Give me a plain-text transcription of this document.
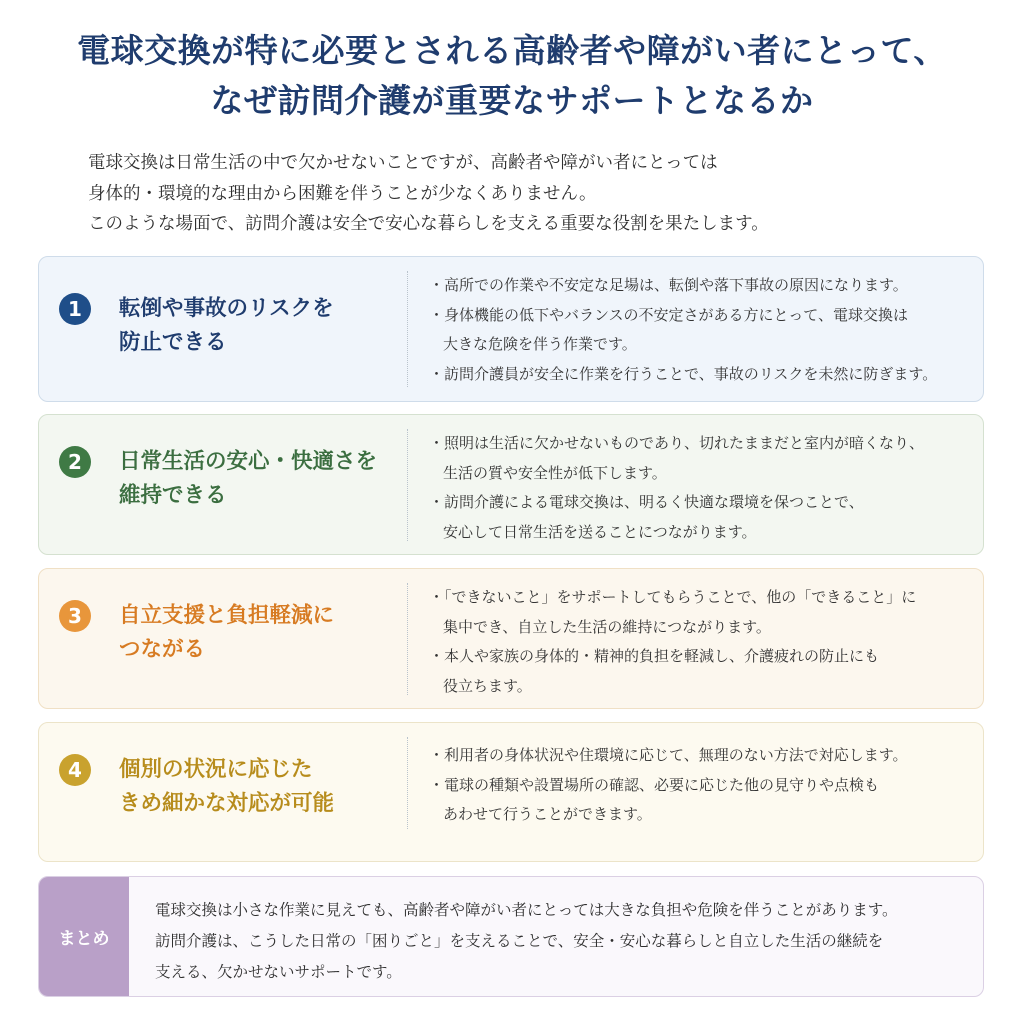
電球交換が特に必要とされる高齢者や障がい者にとって、
なぜ訪問介護が重要なサポートとなるか
電球交換は日常生活の中で欠かせないことですが、高齢者や障がい者にとっては
身体的・環境的な理由から困難を伴うことが少なくありません。
このような場面で、訪問介護は安全で安心な暮らしを支える重要な役割を果たします。
1	転倒や事故のリスクを
防止できる
・高所での作業や不安定な足場は、転倒や落下事故の原因になります。
・身体機能の低下やバランスの不安定さがある方にとって、電球交換は
大きな危険を伴う作業です。
・訪問介護員が安全に作業を行うことで、事故のリスクを未然に防ぎます。
2	日常生活の安心・快適さを
維持できる
・照明は生活に欠かせないものであり、切れたままだと室内が暗くなり、
生活の質や安全性が低下します。
・訪問介護による電球交換は、明るく快適な環境を保つことで、
安心して日常生活を送ることにつながります。
3	自立支援と負担軽減に
つながる
・「できないこと」をサポートしてもらうことで、他の「できること」に
集中でき、自立した生活の維持につながります。
・本人や家族の身体的・精神的負担を軽減し、介護疲れの防止にも
役立ちます。
4	個別の状況に応じた
きめ細かな対応が可能
・利用者の身体状況や住環境に応じて、無理のない方法で対応します。
・電球の種類や設置場所の確認、必要に応じた他の見守りや点検も
あわせて行うことができます。
まとめ
電球交換は小さな作業に見えても、高齢者や障がい者にとっては大きな負担や危険を伴うことがあります。
訪問介護は、こうした日常の「困りごと」を支えることで、安全・安心な暮らしと自立した生活の継続を
支える、欠かせないサポートです。
